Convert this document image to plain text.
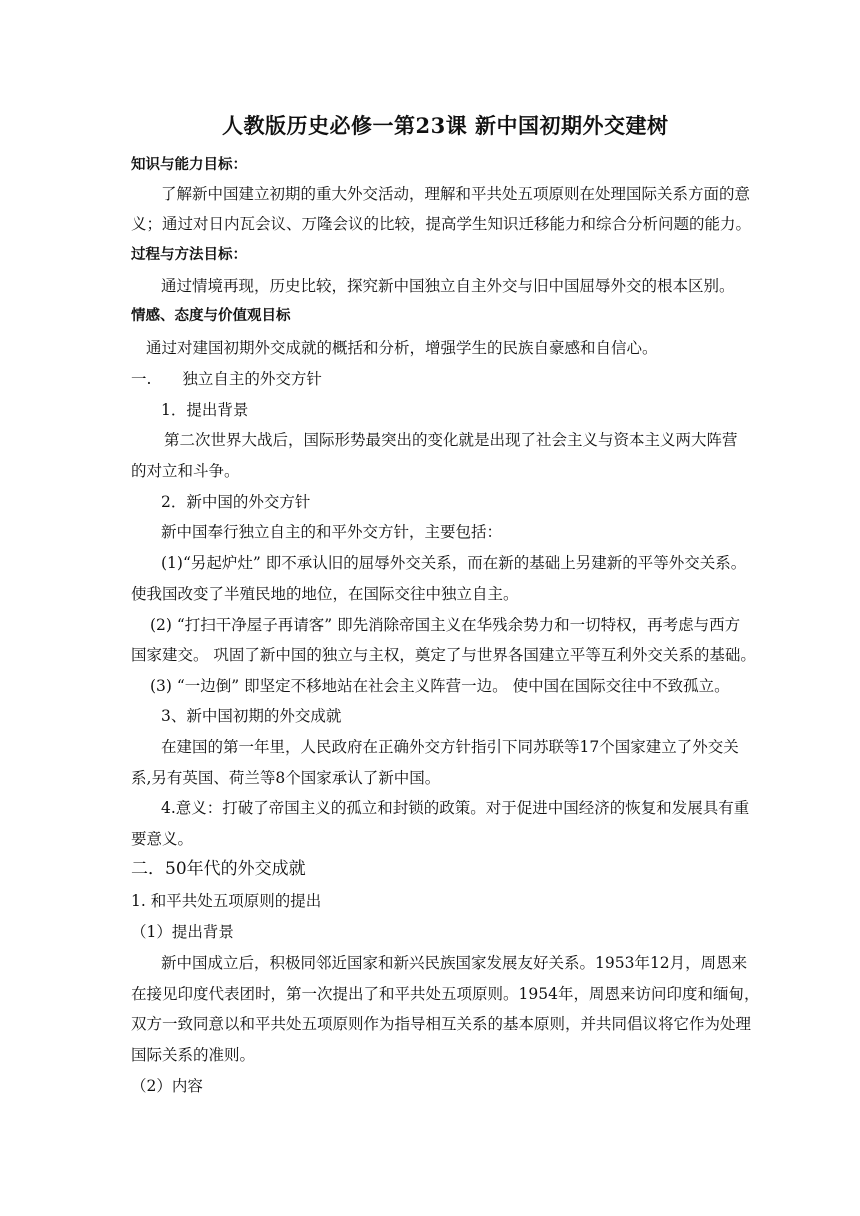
人教版历史必修一第23课 新中国初期外交建树
知识与能力目标：
了解新中国建立初期的重大外交活动，理解和平共处五项原则在处理国际关系方面的意
义；通过对日内瓦会议、万隆会议的比较，提高学生知识迁移能力和综合分析问题的能力。
过程与方法目标：
通过情境再现，历史比较，探究新中国独立自主外交与旧中国屈辱外交的根本区别。
情感、态度与价值观目标
通过对建国初期外交成就的概括和分析，增强学生的民族自豪感和自信心。
一.　　独立自主的外交方针
1．提出背景
第二次世界大战后，国际形势最突出的变化就是出现了社会主义与资本主义两大阵营
的对立和斗争。
2．新中国的外交方针
新中国奉行独立自主的和平外交方针，主要包括：
(1)“另起炉灶” 即不承认旧的屈辱外交关系，而在新的基础上另建新的平等外交关系。
使我国改变了半殖民地的地位，在国际交往中独立自主。
(2) “打扫干净屋子再请客” 即先消除帝国主义在华残余势力和一切特权，再考虑与西方
国家建交。 巩固了新中国的独立与主权，奠定了与世界各国建立平等互利外交关系的基础。
(3) “一边倒” 即坚定不移地站在社会主义阵营一边。 使中国在国际交往中不致孤立。
3、新中国初期的外交成就
在建国的第一年里，人民政府在正确外交方针指引下同苏联等17个国家建立了外交关
系,另有英国、荷兰等8个国家承认了新中国。
4.意义：打破了帝国主义的孤立和封锁的政策。对于促进中国经济的恢复和发展具有重
要意义。
二．50年代的外交成就
1. 和平共处五项原则的提出
（1）提出背景
新中国成立后，积极同邻近国家和新兴民族国家发展友好关系。1953年12月，周恩来
在接见印度代表团时，第一次提出了和平共处五项原则。1954年，周恩来访问印度和缅甸，
双方一致同意以和平共处五项原则作为指导相互关系的基本原则，并共同倡议将它作为处理
国际关系的准则。
（2）内容
